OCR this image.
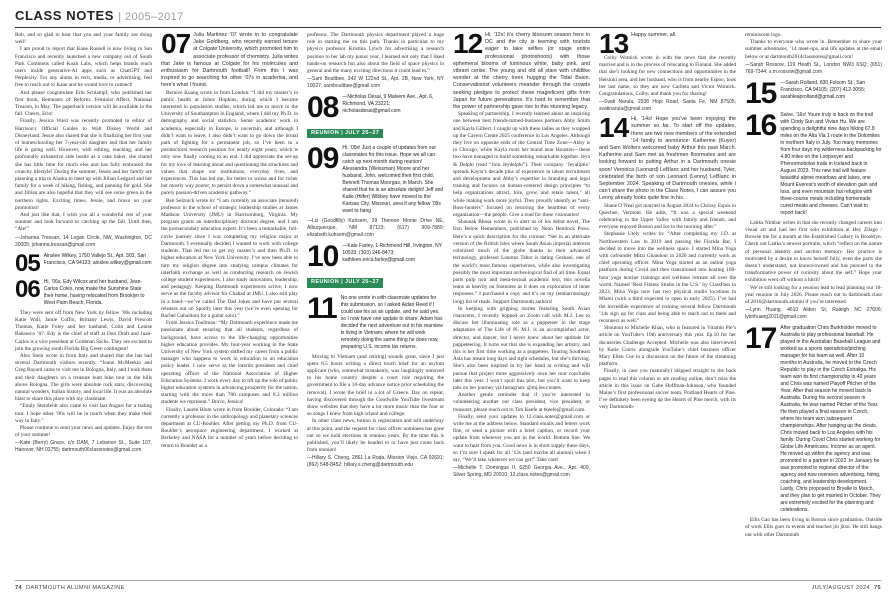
CLASS NOTES | 2005–2017

Rob, and so glad to hear that you and your family are doing well!

I am proud to report that Kane Russell is now living in San Francisco and recently launched a new company out of South Park Commons called Koah Labs, which helps brands reach users inside generative-AI apps such as ChatGPT and Perplexity. For any alums in tech, media, or advertising, feel free to reach out to Kane and he would love to connect!

And please congratulate Erin Schlampf, who published her first book, Remnants of Reform: Feminist Affect, National Treason, in May. The paperback version will be available in the fall. Cheers, Erin!

Finally, Jessica Ward was recently promoted to editor of Harrison's Official Guides to Walt Disney World and Disneyland. Jessie also shared that she is finalizing her first year of homeschooling her 7-year-old daughter and that her family life is going well. However, with editing, teaching, and her profoundly exhaustive side hustle as a cake baker, she shared she has little time for much else and has fully embraced the crunchy lifestyle! During the summer, Jessie and her family are planning a trip to Alaska to meet up with Jillian Ledgard and her family for a week of hiking, fishing, and panning for gold. She and Jillian are also hopeful that they will see some green in the northern lights. Exciting times, Jessie, and bravo on your promotion!

And just like that, I wish you all a wonderful rest of your summer and look forward to catching up the fall. Until then, “Ale!”

—Johanna Tressan, 14 Logan Circle, NW, Washington, DC 20005; johanna.tressan@gmail.com
05 Ainslee Wilkey, 1750 Vallejo St., Apt. 303, San Francisco, CA 94123; ainslee.wilkey@gmail.com
06 Hi, ’06s. Edy Wilcox and her husband, Jean-Carlos Coles, now make the Sunshine State their home, having relocated from Brooklyn to West Palm Beach, Florida.

They were sent off from New York by fellow ’06s including Katie Wall, Jamie Coffin, Brittany Lewis, David Prescott Thomas, Katie Foley and her husband, Colin and Lenise Bañsesco ’07. Edy is the chief of staff at Don Draft and Juan-Carlos is a vice president at Goldman Sachs. They are excited to join the growing south Florida Big Green contingent!

Alex Stein wrote in from Italy and shared that she has had several Dartmouth visitors recently. “Joann McMeekin and Greg Bayard came to visit me in Bologna, Italy, and I took them and their daughters on a treasure hunt bike tour in the hills above Bologna. The girls were absolute rock stars, discovering natural wonders, Italian history, and local life. It was an absolute blast to share this place with my classmate.

“Emily Steinfeldt also came to visit last August for a tasting tour. I hope other ’06s will be in touch when they make their way to Italy.”

Please continue to send your news and updates. Enjoy the rest of your summer!

—Kate (Berry) Grace, c/o DAM, 7 Lebanon St., Suite 107, Hanover, NH 03755; dartmouth06classnotes@gmail.com
07 Julia Martinez ’07 wrote in to congratulate Jake Goldberg, who recently earned tenure at Colgate University, which promoted him to associate professor of chemistry. Julia writes that Jake is famous at Colgate for his molecules and enthusiasm for Dartmouth football! From this I was inspired to go searching for other ’07s in academia, and here’s what I found.

Bernice Kuang wrote in from London: “I did my master’s in public health at Johns Hopkins, during which I became interested in population studies, which led me to move to the University of Southampton in England, where I did my Ph.D. in demography and social statistics. Some academic work in academia, especially in Europe, is uncertain, and although I didn’t want to leave, I also didn’t want to go down the brutal path of fighting for a permanent job, so I’ve been in a postdoctoral research position for nearly eight years, which is only now finally coming to an end. I did appreciate the set-up for my love of learning about and questioning the structures and values that shape our institutions, everyday lives, and experiences. This has led me, for better or worse and for richer but mostly way poorer, to persist down a somewhat unusual and purely passion-driven academic pathway.”

Ben Selznick wrote in: “I am currently an associate (tenured) professor in the school of strategic leadership studies at James Madison University (JMU) in Harrisonburg, Virginia. My program grants an interdisciplinary doctoral degree, and I am the postsecondary education expert. It’s been a remarkable, full-circle journey since I was completing my religion major at Dartmouth. I eventually decided I wanted to work with college students. That led me to get my master’s and then Ph.D. in higher education at New York University. I’ve now been able to turn my religion degree into studying campus climates for interfaith exchange as well as conducting research on Jewish college student experiences. I also study innovation, leadership, and pedagogy. Keeping Dartmouth experiences active, I now serve as the faculty advisor for Chabad at JMU. I also still play in a band—we’ve called The Dad Jokes and have put several releases out on Spotify later this year (we’re even opening for Rachel Gabaldoni for a guitar solo).”

From Jessica Toollman: “My Dartmouth experience made me passionate about ensuring that all students, regardless of background, have access to the life-changing opportunities higher education provides. My four-year working in the State University of New York system shifted my career from a public manager who happens to work in education to an education policy leader. I now serve as the interim president and chief operating officer of the National Association of Higher Education Systems. I work every day to lift up the role of public higher education systems in advancing prosperity for the nation, starting with the more than 700 campuses and 8.2 million students we represent.” Bravo, Jessica!

Finally, Lauren Blum wrote in from Boulder, Colorado: “I am currently a professor in the anthropology and planetary sciences department at CU-Boulder. After getting my Ph.D. from CU-Boulder’s aerospace engineering department, I worked at Berkeley and NASA for a number of years before deciding to return to Boulder as a

professor. The Dartmouth physics department played a huge role in starting me on this path. Thanks in particular to my physics professor Kristina Lynch for advertising a research position to her lab my junior year, I learned not only that I liked hands-on research but also about the field of space physics in general and the many exciting directions it could lead to.”

—Sam Boultbee, 342 W 122nd St., Apt. 2B, New York, NY 10027; samboultbee@gmail.com
08 —Nicholas Desai, 9 Malvern Ave., Apt. 6, Richmond, VA 23221; nicholasdesai@gmail.com
REUNION | JULY 25–27
09 Hi, ’09s! Just a couple of updates from our classmates for this issue. Hope we all can catch up next month during reunion! Alessandra (Weissman) Moore and her husband, John, welcomed their first child, Bennett Thomas Moorgas, in March. She shared that he is an absolute delight! Jeff and Katie (Hilfer) Wibbey have moved to the Kansas City, Missouri, area if any fellow ’09s want to hang.
—Liz (Goodfilly) Kuhsem, 29 Thereon Monte Drive NE, Albuquerque, NM 87123; (617) 909-7889; elizabeth.kuhsem@gmail.com
10 —Kate Farley, 1 Richmond Hill, Irvington, NY 10533; (303) 246-8473; kathleen.erica.farley@gmail.com
REUNION | JULY 25–27
11 No one wrote in with classmate updates for this submission, so I asked Aidan Reed if I could use his as an update, and he said yes, so I now have one update to share. Adam has decided the next adventure out in his rearview is living in Vietnam, where he will work remotely doing the same thing he does now, preparing U.S. income tax returns.

Moving to Vietnam (and retiring) sounds great, since I just spent 8.5 hours writing a direct touch brief for an asylum applicant (who, somewhat mistakenly, was laughingly removed to his home country despite a court rule requiring the government to file a 10-day advance notice prior scheduling the removal). I wrote the brief in a lot of Greece. Day on repeat, having discovered through the Goodwille YouTube livestream show websites that they have a lot more music than the four or so songs I knew from high school and college.

In other class news, tuition is registration and still underway at this point, and the request for class officer nominees has gone out so we hold elections in reunion years. By the time this is published, you’ll likely be headed to or have just come back from reunion!

—Hillary S. Cheng, 2861 La Roda, Mission Viejo, CA 92691; (862) 548-8452; hillary.s.cheng@dartmouth.edu
12 Hi, ’12s! It’s cherry blossom season here in DC and the city is teeming with tourists eager to take selfies (or stage entire professional photoshoots) with those ephemeral blooms of luminous white, baby pink, and vibrant cerise. The young and old all stare with childlike wonder at the cherry trees hugging the Tidal Basin. Conservationist volunteers meander through the crowds seeking pledges to protect these magnificent gifts from Japan for future generations. It’s hard to remember that the power of partnership gave rise to this stunning legacy.

Speaking of partnership, I recently learned about an inspiring one between best friends-turned-business partners Abby Smith and Kayla Gilbert. I caught up with these ladies as they wrapped up the Cavern Create 2025 conference in Los Angeles. Although they live on opposite ends of the Central Time Zone—Abby is in Chicago, while Kayla roots her brand near Houston—these two have managed to build something remarkable together. Jeya & Delphi (read “Join Jeydelphi”). Their company ’Jeyaliptio’ spreads Kayla’s decade plus of experience in talent recruitment and development and Abby’s expertise in branding and legal training and focuses on human-centered design principles “to help organizations attract, hire, grow, and retain talent,” all while making work more joyful. They proudly identify as “anti-Boss-hunters” focused on restoring the heartbeat of every organization—the people. Give a read for these visionaries!

Shaunak Bhosa wrote in to alert us of his debut novel, The Iron Below Remembers, published by Neon Hemlock Press. Here’s a quick description for the curious: “Set in an alternate version of the British Isles where South Asian imperial interests colonized much of the globe thanks to their advanced technology, professor Laurenz Tabor is dating Geshani, one of the world’s most famous superheroes, while also investigating possibly the most important archeological find of all time. Equal parts pulp noir and meta-textual academic text, this novella leans as heavily on footnotes as it does on exploration of inner responses.” I purchased a copy and it’s on my (embarrassingly long) list of reads. Support Dartmouth authors!

In keeping with gripping stories featuring South Asian characters, I recently hopped on Zoom call with M.J. Lee to discuss her illuminating role as a puppeteer in the stage adaptation of The Life of Pi. M.J. is an accomplished actor, director, and dancer, but I never knew about her aptitude for puppeteering. It turns out that she is expanding her artistry, and this is her first time working as a puppeteer. Touring Southeast Asia has meant long days and tight schedules, but she’s thriving. She’s also been inspired to try her hand at writing and will pursue that project more aggressively once her tour concludes later this year. I won’t spoil this plot, but you’ll want to keep tabs on her journey via Instagram: @mj.lee.creates.

Another gentle reminder that if you’re interested in volunteering another our class president, vice president, or treasurer, please reach out to Tim Keefe at tkeefe@gmail.com.

Finally, send your updates to 12.class.notes@gmail.com or write me at the address below. Standard emails and letters work fine, or send a picture with a brief caption, or record your update from wherever you are in the world. Bottom line: We want to hear from you. Good news is in short supply these days, so I’m sure I speak for all ’12s (and maybe all alumni) when I say, “We’ll take whatever we can get!” Take care!

—Michelle T. Domingue II, 6250 Georgia Ave., Apt. 409, Silver Spring, MD 20910; 12.class.notes@gmail.com
13 Happy summer, all.

Colby Womick wrote in with the news that she recently married and is in the process of relocating to Finland. She added that she’s looking for new connections and opportunities in the Helsinki area, and her husband, who is from nearby Espoo, took her last name, so they are now Cailleta and Victor Womick. Congratulations, Colby, and thank you for sharing!

—Svati Narula, 2938 Hopi Road, Santa Fe, NM 87505; svatinarula@gmail.com
14 Hi, ’14s! Hope you’ve been enjoying the summer so far. To start off the updates, there are two new members of the extended ’14 family to announce: Katherine (Kuyer) and Sam Wolters welcomed baby Arthur this past March. Katherine and Sam met as freshmen floormates and are looking forward to putting Arthur in a Dartmouth onesie soon! Veronica (Leonard) LeBlanc and her husband, Tyler, celebrated the birth of son Leonard (Lenny) LeBlanc in September 2024. Speaking of Dartmouth onesies, while I can’t share the photo in the Class Notes, I can assure you Lenny already looks quite fine in his.

Shane O’Neal got married in August 2024 to Chrissy Espos in Quechee, Vermont. He adds, “It was a special weekend celebrating in the Upper Valley with family and friends, and everyone enjoyed Boston and Ice in the morning after.”

Stephanie Utely writes in: “After completing my J.D. at Northwestern Law in 2019 and passing the Florida Bar, I decided to move into the wellness space. I started Mina Yoga with cofounder Mitzi Ghandour in 2020 and currently work as chief operating officer. Mina Yoga started as an online yoga platform during Covid and then transitioned into hosting 100-hour yoga teacher trainings and wellness retreats all over the world. Named ‘Best Fitness Studio in the U.S.’ by ClassPass in 2023, Mina Yoga now has two physical studio locations in Miami (with a third expected to open in early 2025). I’ve had the incredible experience of training several fellow Dartmouth ’14s sign up for class and being able to reach out to them and reconnect as well.”

Shoutout to Michelle Khan, who is featured in Vitamin Pie’s article on YouTube’s 10th anniversary this year. Ep.10 for her docuseries Challenge Accepted. Michelle was also interviewed by Katie Couric alongside YouTube’s chief business officer Mary Ellen Coe in a discussion on the future of the streaming platform.

Finally, in case you (naturally) skipped straight to the back pages to read this column or are reading online, don’t miss the article in this issue on Gabe Hoffman-Johnson, who founded Maine’s first professional soccer team, Portland Hearts of Pine. I’ve definitely been eyeing up the Hearts of Pine merch, with its very Dartmouth-

reminiscent logo.

Thanks to everyone who wrote in. Remember to share your summer adventures, ’14 meet-ups, and life updates at the email below or at dartmouth2014classnotes@gmail.com!

—Sarah Rossow, 119 Heath St., London NW3 6SQ; (651) 769-7344; s.m.rossow@gmail.com
15 —Sarah Rolland, 830 Folsom St., San Francisco, CA 94105; (207) 412-3055; sarahleaprolland@gmail.com
16 Salve, ’16s! Youre truly is back on the trail with Cindy Sun and Vivian Hu. We are spending a delightful nine days hiking 67.8 miles on the Alta Via 1 route in the Dolomites in northern Italy in July. Too many memories from four days my wilderness backpacking for 4.80 miles on the Loopseyer and Phenormobolas trails in Iceland back in August 2023. This new trail will feature beautiful alpine meadows and lakes, one Mount Everest’s worth of elevation gain and loss, and even mountain hut refugios with three-course meals including homemade cured meats and cheeses. Can’t wait to report back!

Latika Nimbar writes in that she recently changed careers into visual art and had her first solo exhibition at Hey Zilago / Browse me for a month at the Established Gallery in Brooklyn. Check out Latika’s newest portraits, which “reflect on the nature of personal identity and auction memory. Her practice is motivated by a desire to know herself fully, even the parts she doesn’t understand, not known/owned and has pursued to the transformative power of curiosity about the self.” Hope your exhibition went off without a hitch!

We’re still looking for a reunion lead to lead planning our 10-year reunion in July 2026. Please reach out to dartmouth.class of 2016@dartmouth.alumni if you’re interested.

—Lynn Huang, 4610 Alden St, Raleigh NC 27606; lynnhuang2011@gmail.com
17 After graduation Chris Burkholder moved to Australia to play professional baseball. He played in the Australian Baseball League and worked as a sports operations/pitching manager for his team as well. After 10 months in Australia, he moved to the Czech Republic to play in the Czech Extraliga. His team won its first championship in 40 years and Chris was named Playoff Pitcher of the Year. After that season he moved back to Australia. During his second season in Australia, he was named Pitcher of the Year. He then played a final season in Czech, where his team won subsequent championships. After hanging up the cleats, Chris moved back to Los Angeles with his family. During Covid Chris started working for Globe Life Americans. Income as an agent. He moved up within the agency and was promoted to a partner in 2022. In January he was promoted to regional director of the agency and now oversees advertising, hiring, coaching, and leadership development. Lastly, Chris proposed to Bryelle in March, and they plan to get married in October. They are extremely excited for the planning and celebrations.

Ellis Gao has been living in Boston since graduation. Outside of work Ellis goes to events and teaches jiu jitsu. He still hangs out with other Dartmouth

74 DARTMOUTH ALUMNI MAGAZINE	JULY/AUGUST 2024 75
